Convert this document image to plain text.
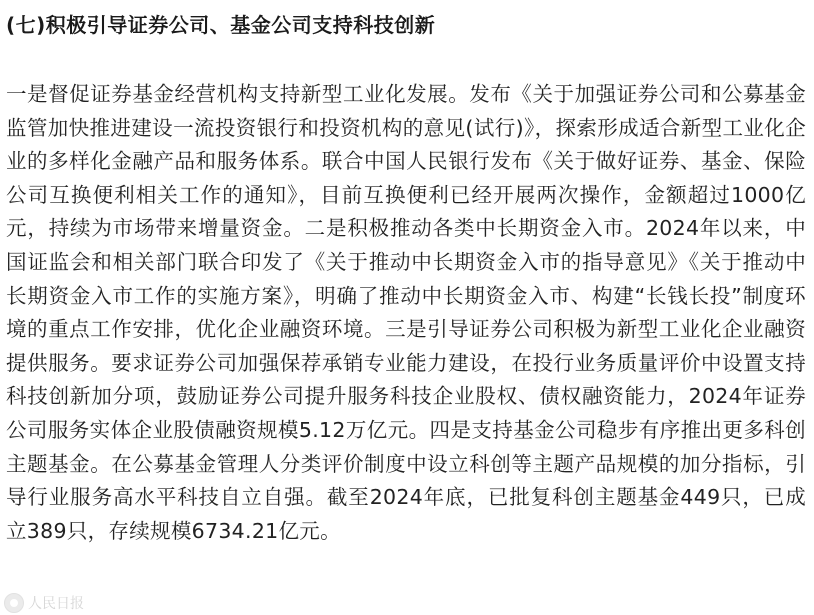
(七)积极引导证券公司、基金公司支持科技创新

一是督促证券基金经营机构支持新型工业化发展。发布《关于加强证券公司和公募基金监管加快推进建设一流投资银行和投资机构的意见(试行)》，探索形成适合新型工业化企业的多样化金融产品和服务体系。联合中国人民银行发布《关于做好证券、基金、保险公司互换便利相关工作的通知》，目前互换便利已经开展两次操作，金额超过1000亿元，持续为市场带来增量资金。二是积极推动各类中长期资金入市。2024年以来，中国证监会和相关部门联合印发了《关于推动中长期资金入市的指导意见》《关于推动中长期资金入市工作的实施方案》，明确了推动中长期资金入市、构建“长钱长投”制度环境的重点工作安排，优化企业融资环境。三是引导证券公司积极为新型工业化企业融资提供服务。要求证券公司加强保荐承销专业能力建设，在投行业务质量评价中设置支持科技创新加分项，鼓励证券公司提升服务科技企业股权、债权融资能力，2024年证券公司服务实体企业股债融资规模5.12万亿元。四是支持基金公司稳步有序推出更多科创主题基金。在公募基金管理人分类评价制度中设立科创等主题产品规模的加分指标，引导行业服务高水平科技自立自强。截至2024年底，已批复科创主题基金449只，已成立389只，存续规模6734.21亿元。

人民日报
